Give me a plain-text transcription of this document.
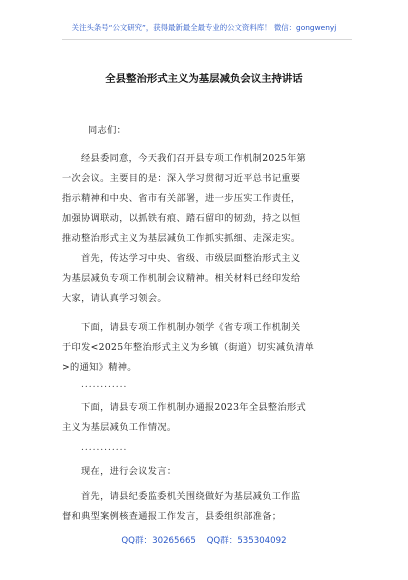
关注头条号“公文研究”，获得最新最全最专业的公文资料库！ 微信：gongwenyj
全县整治形式主义为基层减负会议主持讲话
同志们：
经县委同意，今天我们召开县专项工作机制2025年第
一次会议。主要目的是：深入学习贯彻习近平总书记重要
指示精神和中央、省市有关部署，进一步压实工作责任，
加强协调联动，以抓铁有痕、踏石留印的韧劲，持之以恒
推动整治形式主义为基层减负工作抓实抓细、走深走实。
首先，传达学习中央、省级、市级层面整治形式主义
为基层减负专项工作机制会议精神。相关材料已经印发给
大家，请认真学习领会。
下面，请县专项工作机制办领学《省专项工作机制关
于印发<2025年整治形式主义为乡镇（街道）切实减负清单
>的通知》精神。
............
下面，请县专项工作机制办通报2023年全县整治形式
主义为基层减负工作情况。
............
现在，进行会议发言：
首先，请县纪委监委机关围绕做好为基层减负工作监
督和典型案例核查通报工作发言，县委组织部准备；
QQ群：30265665 QQ群：535304092
